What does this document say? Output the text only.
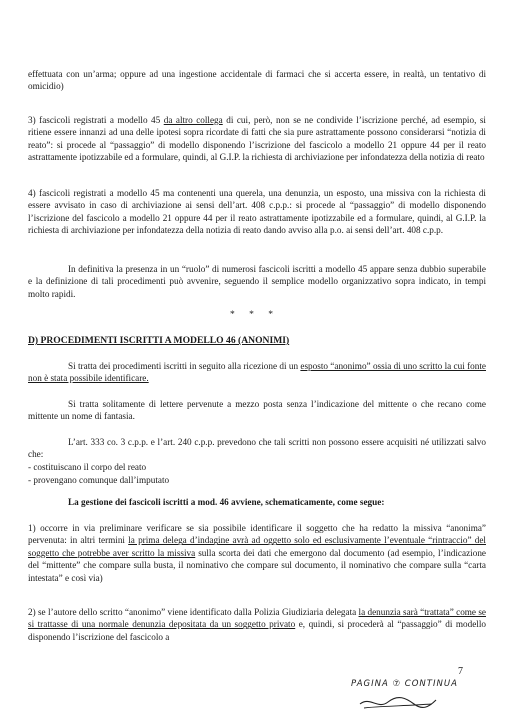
effettuata con un’arma; oppure ad una ingestione accidentale di farmaci che si accerta essere, in realtà, un tentativo di omicidio)

3) fascicoli registrati a modello 45 da altro collega di cui, però, non se ne condivide l’iscrizione perché, ad esempio, si ritiene essere innanzi ad una delle ipotesi sopra ricordate di fatti che sia pure astrattamente possono considerarsi “notizia di reato”: si procede al “passaggio” di modello disponendo l’iscrizione del fascicolo a modello 21 oppure 44 per il reato astrattamente ipotizzabile ed a formulare, quindi, al G.I.P. la richiesta di archiviazione per infondatezza della notizia di reato

4) fascicoli registrati a modello 45 ma contenenti una querela, una denunzia, un esposto, una missiva con la richiesta di essere avvisato in caso di archiviazione ai sensi dell’art. 408 c.p.p.: si procede al “passaggio” di modello disponendo l’iscrizione del fascicolo a modello 21 oppure 44 per il reato astrattamente ipotizzabile ed a formulare, quindi, al G.I.P. la richiesta di archiviazione per infondatezza della notizia di reato dando avviso alla p.o. ai sensi dell’art. 408 c.p.p.

In definitiva la presenza in un “ruolo” di numerosi fascicoli iscritti a modello 45 appare senza dubbio superabile e la definizione di tali procedimenti può avvenire, seguendo il semplice modello organizzativo sopra indicato, in tempi molto rapidi.

* * *
D) PROCEDIMENTI ISCRITTI A MODELLO 46 (ANONIMI)

Si tratta dei procedimenti iscritti in seguito alla ricezione di un esposto “anonimo” ossia di uno scritto la cui fonte non è stata possibile identificare.

Si tratta solitamente di lettere pervenute a mezzo posta senza l’indicazione del mittente o che recano come mittente un nome di fantasia.

L’art. 333 co. 3 c.p.p. e l’art. 240 c.p.p. prevedono che tali scritti non possono essere acquisiti né utilizzati salvo che:

- costituiscano il corpo del reato

- provengano comunque dall’imputato

La gestione dei fascicoli iscritti a mod. 46 avviene, schematicamente, come segue:

1) occorre in via preliminare verificare se sia possibile identificare il soggetto che ha redatto la missiva “anonima” pervenuta: in altri termini la prima delega d’indagine avrà ad oggetto solo ed esclusivamente l’eventuale “rintraccio” del soggetto che potrebbe aver scritto la missiva sulla scorta dei dati che emergono dal documento (ad esempio, l’indicazione del “mittente” che compare sulla busta, il nominativo che compare sul documento, il nominativo che compare sulla “carta intestata” e così via)

2) se l’autore dello scritto “anonimo” viene identificato dalla Polizia Giudiziaria delegata la denunzia sarà “trattata” come se si trattasse di una normale denunzia depositata da un soggetto privato e, quindi, si procederà al “passaggio” di modello disponendo l’iscrizione del fascicolo a

7
PAGINA ⑦ CONTINUA
